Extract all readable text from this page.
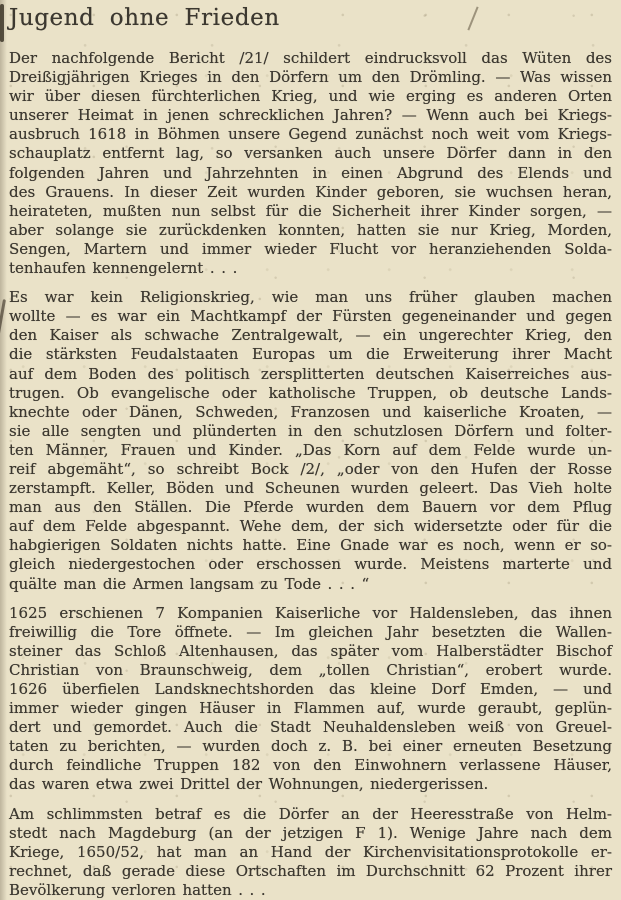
Jugend ohne Frieden

Der nachfolgende Bericht /21/ schildert eindrucksvoll das Wüten des
Dreißigjährigen Krieges in den Dörfern um den Drömling. — Was wissen
wir über diesen fürchterlichen Krieg, und wie erging es anderen Orten
unserer Heimat in jenen schrecklichen Jahren? — Wenn auch bei Kriegs-
ausbruch 1618 in Böhmen unsere Gegend zunächst noch weit vom Kriegs-
schauplatz entfernt lag, so versanken auch unsere Dörfer dann in den
folgenden Jahren und Jahrzehnten in einen Abgrund des Elends und
des Grauens. In dieser Zeit wurden Kinder geboren, sie wuchsen heran,
heirateten, mußten nun selbst für die Sicherheit ihrer Kinder sorgen, —
aber solange sie zurückdenken konnten, hatten sie nur Krieg, Morden,
Sengen, Martern und immer wieder Flucht vor heranziehenden Solda-
tenhaufen kennengelernt . . .

Es war kein Religionskrieg, wie man uns früher glauben machen
wollte — es war ein Machtkampf der Fürsten gegeneinander und gegen
den Kaiser als schwache Zentralgewalt, — ein ungerechter Krieg, den
die stärksten Feudalstaaten Europas um die Erweiterung ihrer Macht
auf dem Boden des politisch zersplitterten deutschen Kaiserreiches aus-
trugen. Ob evangelische oder katholische Truppen, ob deutsche Lands-
knechte oder Dänen, Schweden, Franzosen und kaiserliche Kroaten, —
sie alle sengten und plünderten in den schutzlosen Dörfern und folter-
ten Männer, Frauen und Kinder. „Das Korn auf dem Felde wurde un-
reif abgemäht“, so schreibt Bock /2/, „oder von den Hufen der Rosse
zerstampft. Keller, Böden und Scheunen wurden geleert. Das Vieh holte
man aus den Ställen. Die Pferde wurden dem Bauern vor dem Pflug
auf dem Felde abgespannt. Wehe dem, der sich widersetzte oder für die
habgierigen Soldaten nichts hatte. Eine Gnade war es noch, wenn er so-
gleich niedergestochen oder erschossen wurde. Meistens marterte und
quälte man die Armen langsam zu Tode . . . “

1625 erschienen 7 Kompanien Kaiserliche vor Haldensleben, das ihnen
freiwillig die Tore öffnete. — Im gleichen Jahr besetzten die Wallen-
steiner das Schloß Altenhausen, das später vom Halberstädter Bischof
Christian von Braunschweig, dem „tollen Christian“, erobert wurde.
1626 überfielen Landsknechtshorden das kleine Dorf Emden, — und
immer wieder gingen Häuser in Flammen auf, wurde geraubt, geplün-
dert und gemordet. Auch die Stadt Neuhaldensleben weiß von Greuel-
taten zu berichten, — wurden doch z. B. bei einer erneuten Besetzung
durch feindliche Truppen 182 von den Einwohnern verlassene Häuser,
das waren etwa zwei Drittel der Wohnungen, niedergerissen.

Am schlimmsten betraf es die Dörfer an der Heeresstraße von Helm-
stedt nach Magdeburg (an der jetzigen F 1). Wenige Jahre nach dem
Kriege, 1650/52, hat man an Hand der Kirchenvisitationsprotokolle er-
rechnet, daß gerade diese Ortschaften im Durchschnitt 62 Prozent ihrer
Bevölkerung verloren hatten . . .
